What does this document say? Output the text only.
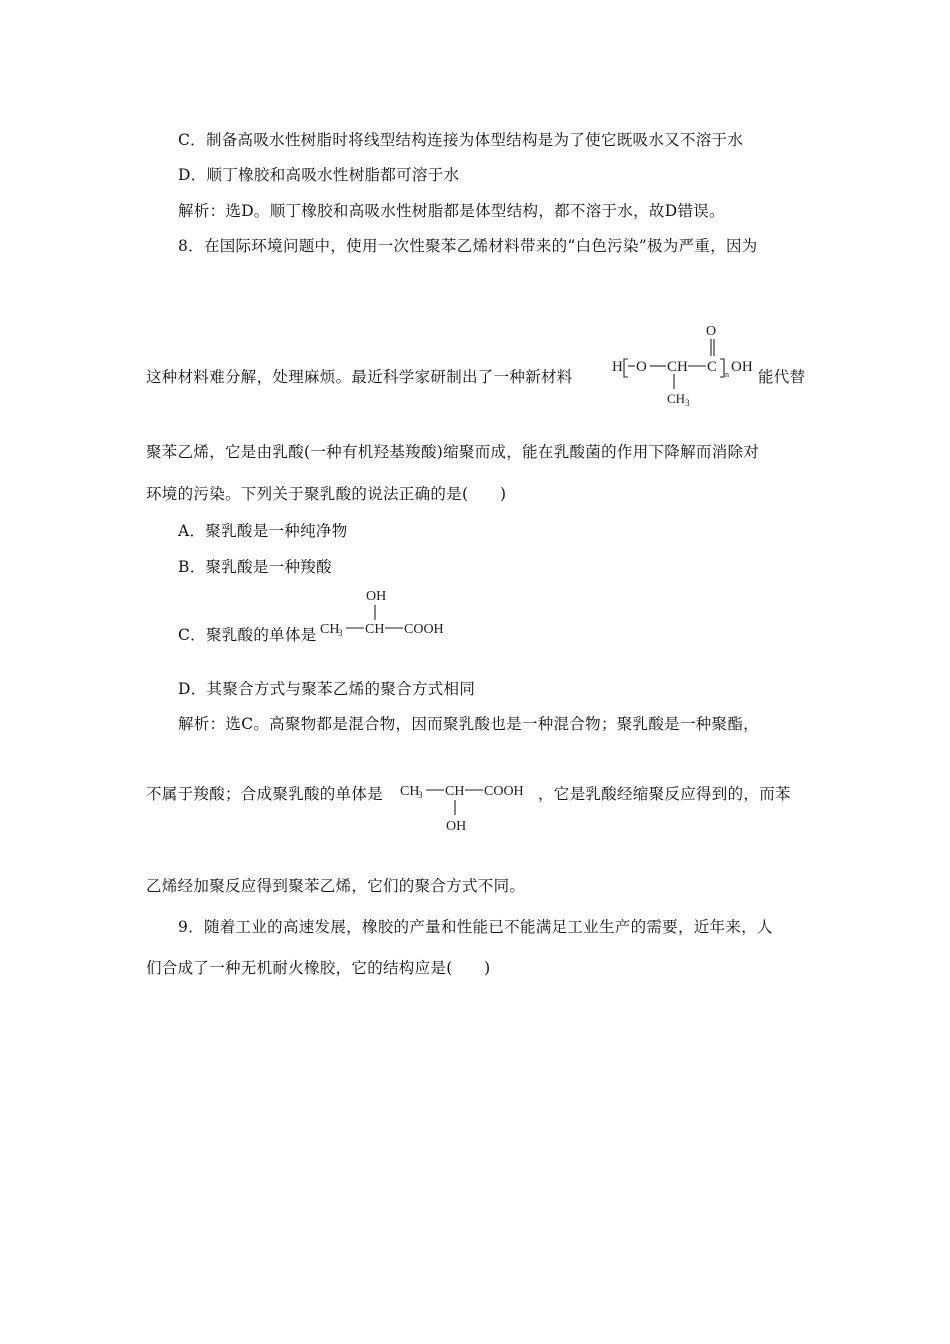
C．制备高吸水性树脂时将线型结构连接为体型结构是为了使它既吸水又不溶于水
D．顺丁橡胶和高吸水性树脂都可溶于水
解析：选D。顺丁橡胶和高吸水性树脂都是体型结构，都不溶于水，故D错误。
8．在国际环境问题中，使用一次性聚苯乙烯材料带来的“白色污染”极为严重，因为
这种材料难分解，处理麻烦。最近科学家研制出了一种新材料
H O CH
CH 3
C
O
n OH
能代替
聚苯乙烯，它是由乳酸(一种有机羟基羧酸)缩聚而成，能在乳酸菌的作用下降解而消除对
环境的污染。下列关于聚乳酸的说法正确的是(　　)
A．聚乳酸是一种纯净物
B．聚乳酸是一种羧酸
C．聚乳酸的单体是
OH
CH
3 CH COOH
D．其聚合方式与聚苯乙烯的聚合方式相同
解析：选C。高聚物都是混合物，因而聚乳酸也是一种混合物；聚乳酸是一种聚酯，
不属于羧酸；合成聚乳酸的单体是 CH
3 CH COOH
OH
，它是乳酸经缩聚反应得到的，而苯
乙烯经加聚反应得到聚苯乙烯，它们的聚合方式不同。
9．随着工业的高速发展，橡胶的产量和性能已不能满足工业生产的需要，近年来，人
们合成了一种无机耐火橡胶，它的结构应是(　　)
